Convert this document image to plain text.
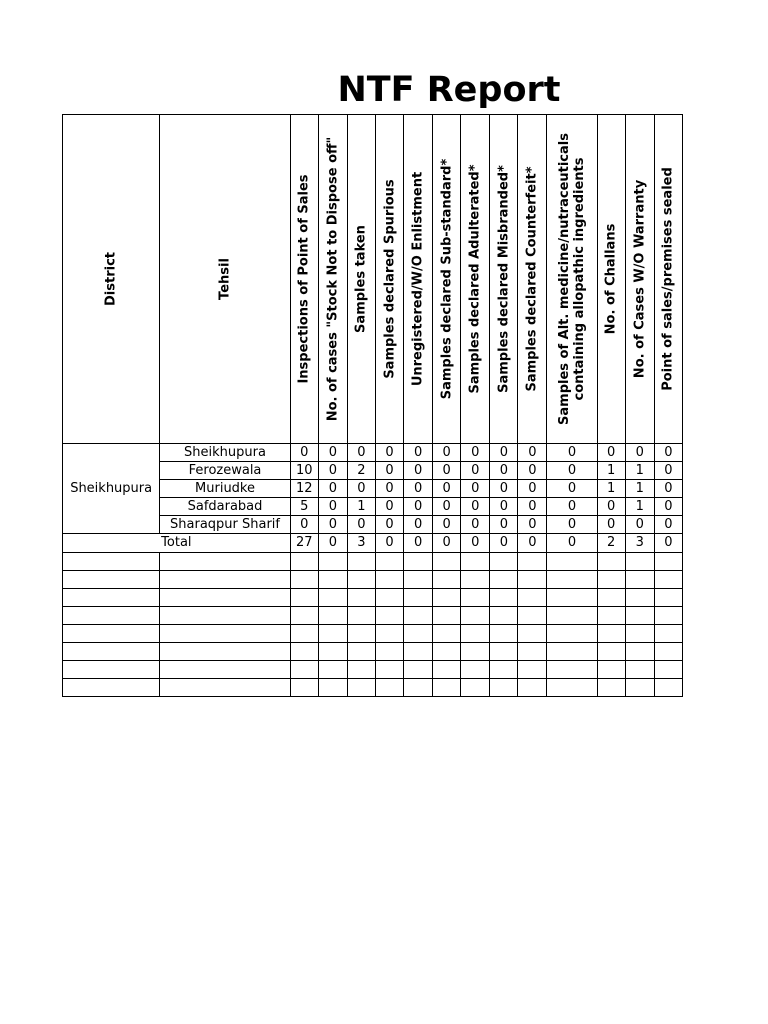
NTF Report
District	Tehsil	Inspections of Point of Sales	No. of cases "Stock Not to Dispose off"	Samples taken	Samples declared Spurious	Unregistered/W/O Enlistment	Samples declared Sub-standard*	Samples declared Adulterated*	Samples declared Misbranded*	Samples declared Counterfeit*	Samples of Alt. medicine/nutraceuticals containing allopathic ingredients	No. of Challans	No. of Cases W/O Warranty	Point of sales/premises sealed

Sheikhupura	Sheikhupura	0	0	0	0	0	0	0	0	0	0	0	0	0
	Ferozewala	10	0	2	0	0	0	0	0	0	0	1	1	0
	Muriudke	12	0	0	0	0	0	0	0	0	0	1	1	0
	Safdarabad	5	0	1	0	0	0	0	0	0	0	0	1	0
	Sharaqpur Sharif	0	0	0	0	0	0	0	0	0	0	0	0	0
Total		27	0	3	0	0	0	0	0	0	0	2	3	0
